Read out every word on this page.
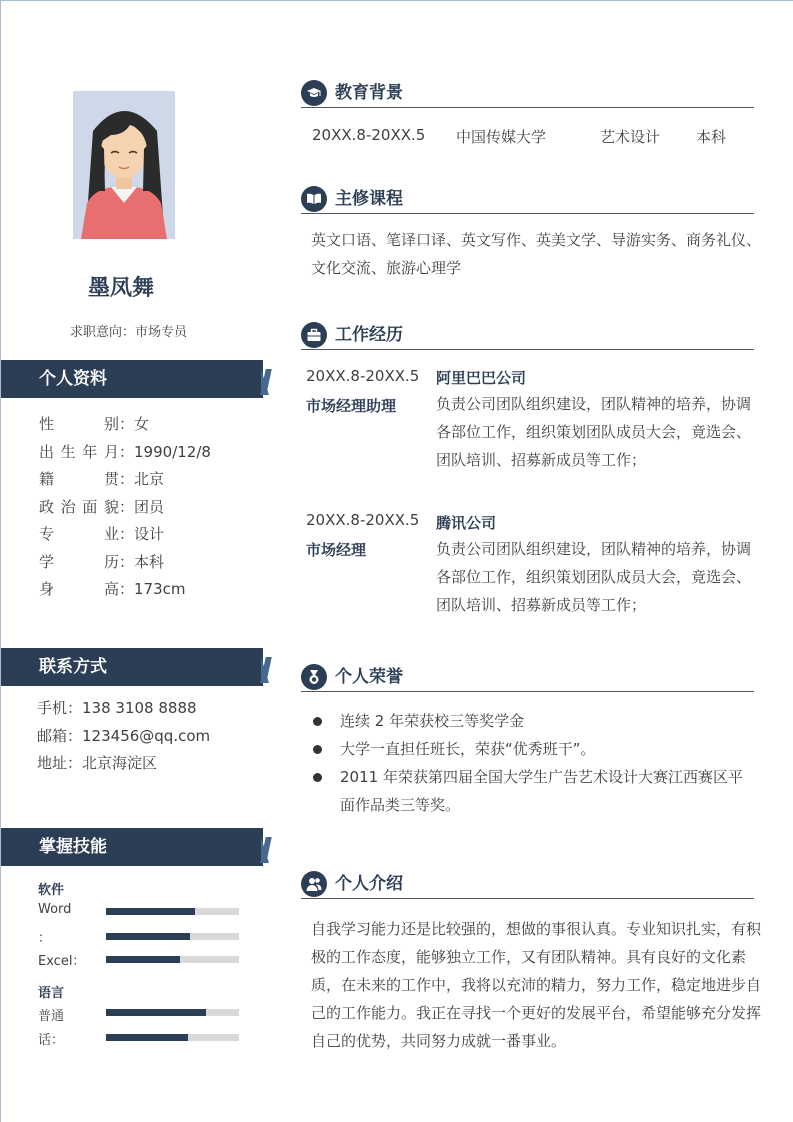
墨凤舞
求职意向：市场专员
个人资料
性别：女
出生年月：1990/12/8
籍贯：北京
政治面貌：团员
专业：设计
学历：本科
身高：173cm
联系方式
手机：138 3108 8888
邮箱：123456@qq.com
地址：北京海淀区
掌握技能
软件
Word
：
Excel：
语言
普通
话：
教育背景
20XX.8-20XX.5 中国传媒大学	艺术设计 本科
主修课程
英文口语、笔译口译、英文写作、英美文学、导游实务、商务礼仪、文化交流、旅游心理学
工作经历
20XX.8-20XX.5 阿里巴巴公司
市场经理助理	负责公司团队组织建设，团队精神的培养，协调各部位工作，组织策划团队成员大会，竟选会、团队培训、招募新成员等工作；
20XX.8-20XX.5 腾讯公司
市场经理	负责公司团队组织建设，团队精神的培养，协调各部位工作，组织策划团队成员大会，竟选会、团队培训、招募新成员等工作；
个人荣誉
连续 2 年荣获校三等奖学金
大学一直担任班长，荣获“优秀班干”。
2011 年荣获第四届全国大学生广告艺术设计大赛江西赛区平 面作品类三等奖。
个人介绍
自我学习能力还是比较强的，想做的事很认真。专业知识扎实，有积极的工作态度，能够独立工作，又有团队精神。具有良好的文化素质，在未来的工作中，我将以充沛的精力，努力工作，稳定地进步自己的工作能力。我正在寻找一个更好的发展平台，希望能够充分发挥自己的优势，共同努力成就一番事业。
